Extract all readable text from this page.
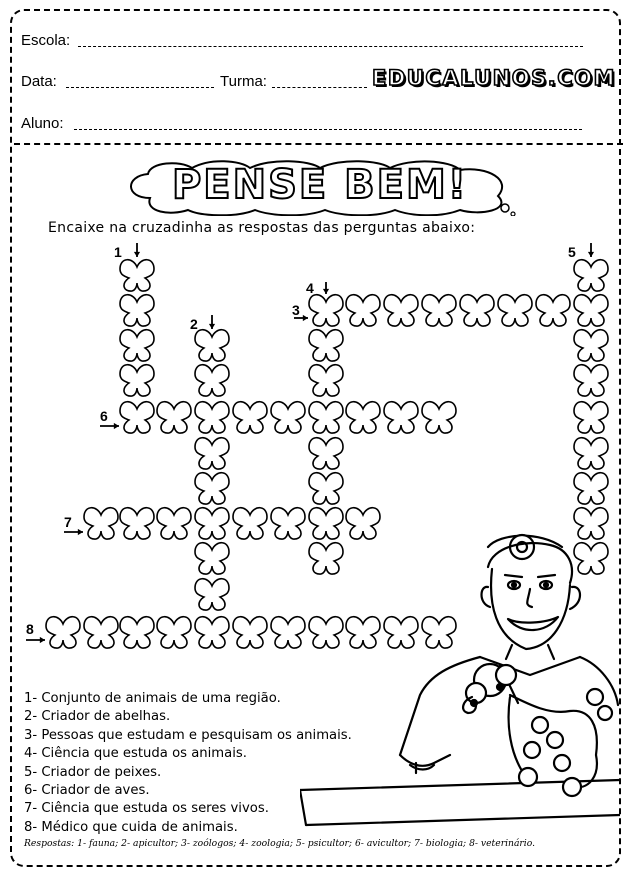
Escola:
Data:	Turma:	EDUCALUNOS.COM
Aluno:
PENSE BEM!
Encaixe na cruzadinha as respostas das perguntas abaixo:
1
2
3
4
5
6
7
8
1- Conjunto de animais de uma região.
2- Criador de abelhas.
3- Pessoas que estudam e pesquisam os animais.
4- Ciência que estuda os animais.
5- Criador de peixes.
6- Criador de aves.
7- Ciência que estuda os seres vivos.
8- Médico que cuida de animais.
Respostas: 1- fauna; 2- apicultor; 3- zoólogos; 4- zoologia; 5- psicultor; 6- avicultor; 7- biologia; 8- veterinário.
